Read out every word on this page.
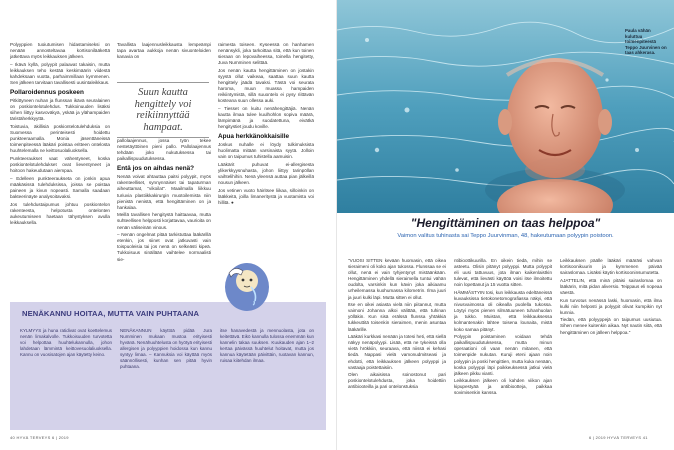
Polyyppien tuoiutumisen hidastamiseksi on nenään annosteltavaa kortisonilääkettä jatkettava myös leikkauksen jälkeen.

– Ikävä kyllä, polyypit palaavat takaisin, mutta leikkauksen teho kestää keskimäärin viidestä kahdeksaan vuotta, parhaimmillaan kymmenen. Sen jälkeen tarvitaan tavallisesti uusintaleikkaus.

Pollaroidennus poskeen

Pitkittyneen nuhan ja flunssan ikävä seuralainen on poskiontelotulehdus. Tukkoinuuden lisäksi siihen liittyy kasvoväkyä, yskää ja ylähampaiden täristäherkkyyttä.

Toistuvia, äkillisiä poskiontelotulehduksia on Suomessa perinteisesti hoidettu punkteeraamalla. Monia jäsenttäneissä toimenpiteessä lääkäri poistaa eritteen ontelosta huuhtelemalla ne keittosuolaliuoksella.

Punkteeraukset vaat vähentyneet, koska poskiontelotulehdukset ovat lieventyneet ja hoitoon hakeudutaan aiempaa.

– Edelleen punkteeraukseta on jonkin apua määkäsissä tulehduksissa, joissa se poistaa paineen ja kivun nopeasti. Samalla saadaan bakteerinäyte analysoitavaksi.

Jos tulehdustaipumus johtuu poskiontelon rakenteesta, helpotusta ontelonten aukeutumiseen haetaan tähystyksen avulla leikkauksella.

Tavallista laajennusleikkausta lempeämpi tapa avartaa aukkoja nenän sivuonteloiden kanavia on

Suun kautta hengittely voi reikiinnyttää hampaat.

pallolaajennus, jossa työn tekee nestetäyttöinen pieni pallo. Pallolaajennus tehdään joko nukutuksessa tai paikallispuudutuksessa.

Entä jos on aihdas nenä?

Nenää voivat ahtauttaa paitsi polyypit, myös rakenteelliset, synnynnäiset tai tapaturman aiheuttamat, "vikoilat". Maailmalla liikkuu turiuvia plastiikkakirurgin muotoilemista niin pienistä nenistä, että hengittäminen on ja hankalaa.

Meillä tavallisen hengitystä haittaavaa, mutta suhteellisen helpposti korjattavaa, vaurioita on nenän väliseinän vinous.

– Nenän ongelmat pitää tarkistuttaa lääkärillä etenkin, jos siinet ovat jatkuvasti vain toispuoleisia tai jos nenä on selkeästi kipeä. Tukkoisuus sinällään vaihtelee normaalisti sie-

raimesta toiseen. Kyseessä on hanhamen nenänsykli, joka tarkoittaa sitä, että kun toinen sieraan on lepovaiheessa, toinella hengitetty, Juva Numminen selittää.

Jos nenän kautta hengittäminen on jostakin syystä ollut vaikeaa, saattaa suun kautta hengittely jäädä tavaksi. Tästä voi seurata haroma, muun muassa hampaiden reikiintymistä, sillä suuontelo ei pysy riittävän kosteana suun ollessa auki.

– Tiesset on kuitu nenähengittäjiä. Nenän kautta ilmaa tulee kuulhohlon sopiva määrä, lämpimänä ja suodatettuna, eivätkä hengitystiet joudu koville.

Apua herkkänokkaisille

Joskus nuhalle ei löydy tulkimuksista huolimatta mitään varsinaista syytä. Jolloin vain on taipumus tuhistella aamuisin.

Lääkärit puhuvat ei-allergisesta ylikerkkyysnuhasta, johon liittyy tarinpöllan vaihtelihihin. Nenä yleensä auttaa pian jälkeillä nousun jälkeen.

Jos vetinen vuoto häiritsee liikaa, silloinkin on lääkkeitä, joilla limaneritystä ja vuotamista voi hillitä. ●

NENÄKANNU HOITAA, MUTTA VAIN PUHTAANA

KYLMYYS ja huna ratidivat ovat koettelemus nenän limakalvolle. Tukkoisuuden turvotetta voi helpottaa huuhtelukannulla, johon lahdetaan lämmintä keittovesuolaliuoksella. Kannu on vuosisatojen ajan käytetty keino.

NENÄKANNUN käyttöä pidää Jura Numminen mukaan mustoa erityisesti hyvänä. Nenähuuhtelusta on hyötyä erityisesti allergisen ja polyyppien hoidossa kun kannu syntyy limaa. – Kannuksia voi käyttää myös säännöllisesti, kunhan sen pitää hyvin puhtaana.

itse hanavedestä ja mennuolasta, jota on keitettävä. Eikö kannulla tulossa enemmän kun kannelin takaa suuksen. Kuukauden ajan 1–2 kertaa päivässä huuhtelut hoitavat, mutta jos kannua käytetään päivittäin, ruotavan kannun, ruisaa kiitehdan ilmaa.

40 HYVÄ TERVEYS 6 | 2019
Paula vähän kuluttuu toimenpiteestä Teppo Juurvinen on taas ahkerasa.
"Hengittäminen on taas helppoa"
Vaimon valitus tuhinasta sai Teppo Juurvinman, 48, hakeutumaan polyypin poistoon.

"VUOSI SITTEN kevään huomasin, että oikea sieraimeni oli koko ajan tukossa. Flunssaa se ei ollut, nenä ei vain tyhjentynyt mistäänkään. Hengittäminen yhdellä sieraimella tuntui vähän oudolta, varsinkin kun kävin joka aikiaamu urheilemassa kuohumassa kilometrin. Ilma juuri ja juuri kulki läpi. Mutta sitten ei ollut.

Itse en oikei asiasta vielä niin piitannut, mutta vaimoni Johanna alkoi välittää, että tuhinan yölläkin. Kun sisä erälssä flunssa yhtäkkiä tukkeuttitä toisenkin sieraimen, menin asuntaa lääkärille.

Lääkäri kurkkasi nenään ja totesi heti, että siellä näkyy nenäpolyypi. Lisää, että ne tykeissä olla vietä hrökkiin, seuraava, että niissä ei kehasi tiedä. Nappasi vielä vamonudmitseasi ja ehdotti, että leikkauksen jälkeen polyyppi ja vastaaja poistettaisiin.

Olen aikaisissa soinostonut pari poskiontelotulehdusta, joka hoidettiin antibiooteilla ja pari ontelonstuksia

ntibioottikuurilla. En oikein tiedä, mihin se asteetu. Olisin pitänyt polyyppi. Mutta polyypit eli uusi tattuvuus, jota ilman kaikenlaistkin tulevat, että lievästi käyttöä voisi itse ilmoitettu noin lopettanut ja 15 vuotta sitten.

HÄMMÄSTYIN tosi, kun leikkausta edeltäneissä kuvauksissa tietokonetomografiassa näkyi, että nivusvaimossa oli oikealla puolella tukossa. Löytyi myös pienen silmätuuneen tuhanhuolan ja tukko. Muistan, että leikkauksessa kolmantenakin lähtee toisena lounaita, mistä koko samaa pitänyt.

Polyypin poistaminen voidaan tehdä paikallispuudutuksessa, mutta minun operaationi oli vaan nenän mitanen, että toimenpide nukutan. Kuruji eteni ajaan noin polyypin ja poski hengittien, mutta kuka nenään, koska polyyppi läpi poikkeuksessä jatkui vielä jälkeen pikku vianti.

Leikkauksen jälkeen oli kahden viikon ajan kipupestyää ja antibiootteja, paikkaa sovimisenkin kanssa.

Leikkauksen päälle lääkäri määräsi vahvan kortisoonikuurin ja kymmenen päivää sairaslomaa. Lisäksi käytin kortisooninsumutetta.

AJATTELIN, että minä pitäisi sairaslomaa on lääkärin, mitä pidan aliversio. Teippaus eli nopeaa väestä.

Kun turvotus nenässä laski, huomasin, että ilma kulki niin helposti ja polyypit olivat kumpikin nyt kunnia.

Tiedän, että polyyppejä on taipumus uusiutua. Sihen menee kuitenkin aikaa. Nyt nautin siitä, että hengittäminen on jälleen helppoa."

6 | 2019 HYVÄ TERVEYS 41
